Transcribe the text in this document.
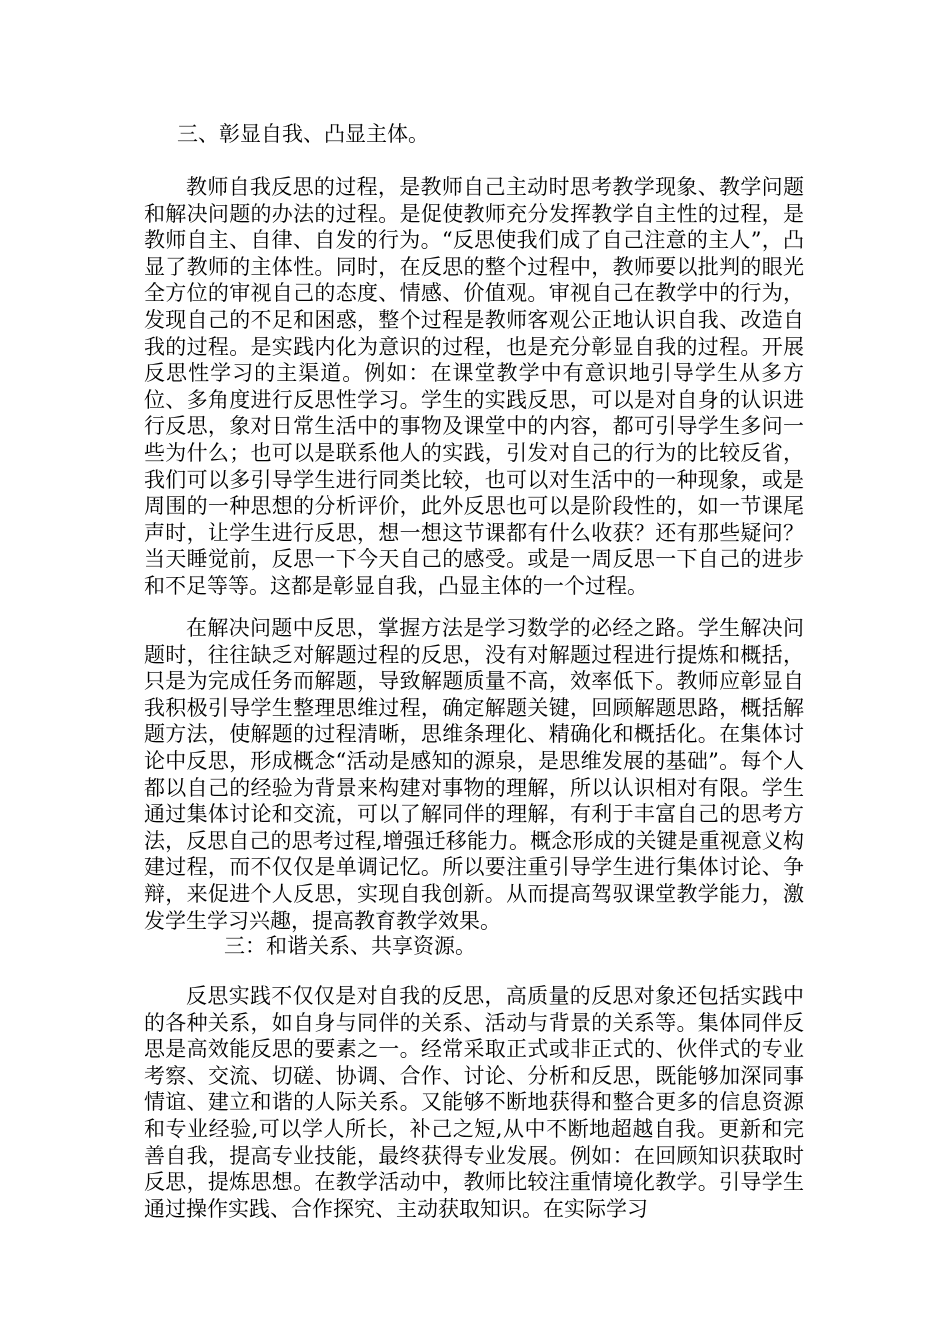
三、彰显自我、凸显主体。

教师自我反思的过程，是教师自己主动时思考教学现象、教学问题和解决问题的办法的过程。是促使教师充分发挥教学自主性的过程，是教师自主、自律、自发的行为。“反思使我们成了自己注意的主人”，凸显了教师的主体性。同时，在反思的整个过程中，教师要以批判的眼光全方位的审视自己的态度、情感、价值观。审视自己在教学中的行为，发现自己的不足和困惑，整个过程是教师客观公正地认识自我、改造自我的过程。是实践内化为意识的过程，也是充分彰显自我的过程。开展反思性学习的主渠道。例如：在课堂教学中有意识地引导学生从多方位、多角度进行反思性学习。学生的实践反思，可以是对自身的认识进行反思，象对日常生活中的事物及课堂中的内容，都可引导学生多问一些为什么；也可以是联系他人的实践，引发对自己的行为的比较反省，我们可以多引导学生进行同类比较，也可以对生活中的一种现象，或是周围的一种思想的分析评价，此外反思也可以是阶段性的，如一节课尾声时，让学生进行反思，想一想这节课都有什么收获？还有那些疑问？当天睡觉前，反思一下今天自己的感受。或是一周反思一下自己的进步和不足等等。这都是彰显自我，凸显主体的一个过程。

在解决问题中反思，掌握方法是学习数学的必经之路。学生解决问题时，往往缺乏对解题过程的反思，没有对解题过程进行提炼和概括，只是为完成任务而解题，导致解题质量不高，效率低下。教师应彰显自我积极引导学生整理思维过程，确定解题关键，回顾解题思路，概括解题方法，使解题的过程清晰，思维条理化、精确化和概括化。在集体讨论中反思，形成概念“活动是感知的源泉，是思维发展的基础”。每个人都以自己的经验为背景来构建对事物的理解，所以认识相对有限。学生通过集体讨论和交流，可以了解同伴的理解，有利于丰富自己的思考方法，反思自己的思考过程,增强迁移能力。概念形成的关键是重视意义构建过程，而不仅仅是单调记忆。所以要注重引导学生进行集体讨论、争辩，来促进个人反思，实现自我创新。从而提高驾驭课堂教学能力，激发学生学习兴趣，提高教育教学效果。

三：和谐关系、共享资源。

反思实践不仅仅是对自我的反思，高质量的反思对象还包括实践中的各种关系，如自身与同伴的关系、活动与背景的关系等。集体同伴反思是高效能反思的要素之一。经常采取正式或非正式的、伙伴式的专业考察、交流、切磋、协调、合作、讨论、分析和反思，既能够加深同事情谊、建立和谐的人际关系。又能够不断地获得和整合更多的信息资源和专业经验,可以学人所长，补己之短,从中不断地超越自我。更新和完善自我，提高专业技能，最终获得专业发展。例如：在回顾知识获取时反思，提炼思想。在教学活动中，教师比较注重情境化教学。引导学生通过操作实践、合作探究、主动获取知识。在实际学习
